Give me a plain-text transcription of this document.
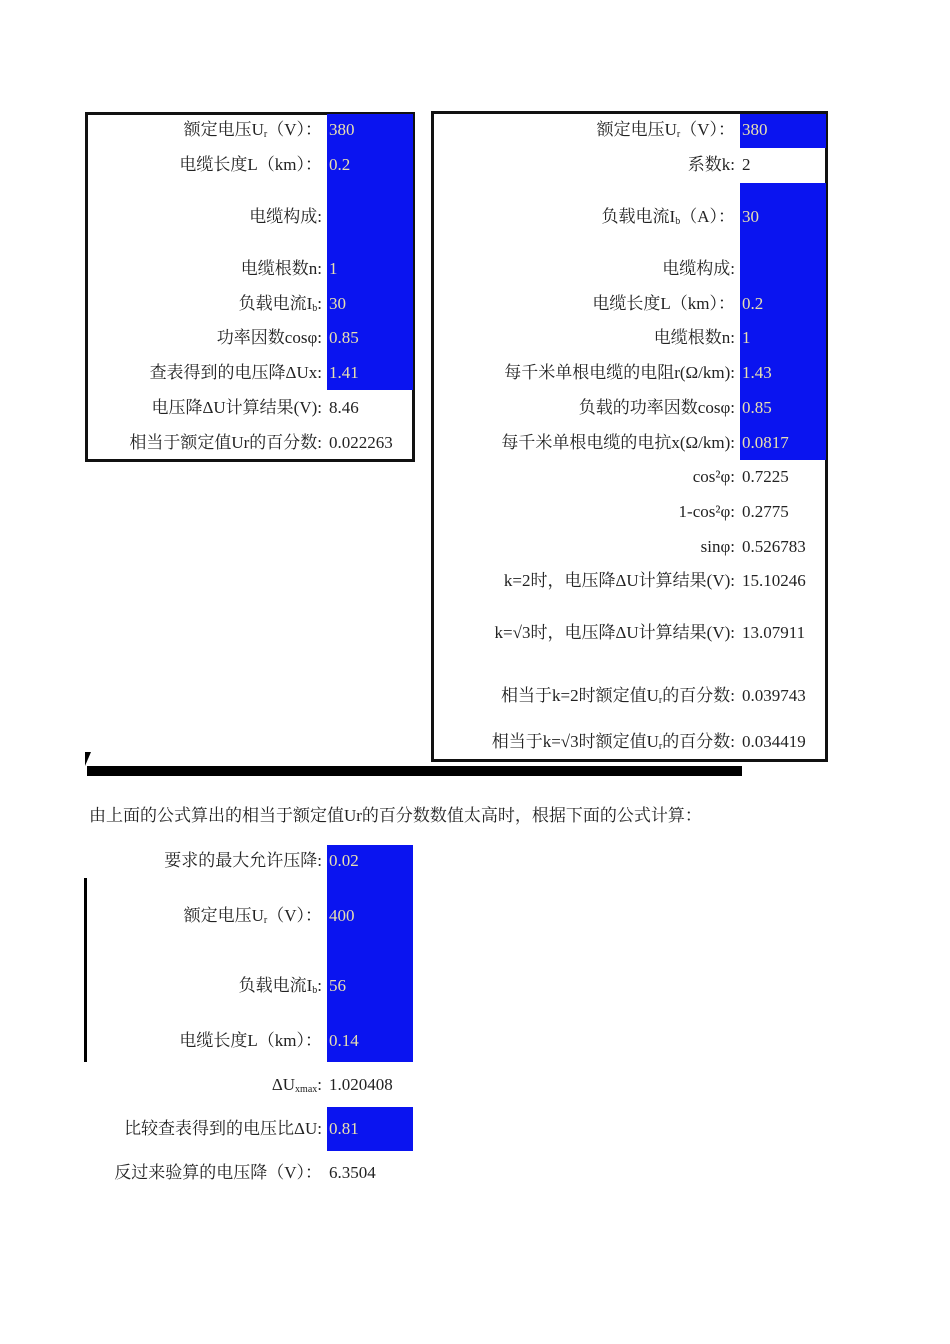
由上面的公式算出的相当于额定值Ur的百分数数值太高时，根据下面的公式计算：
额定电压$U_r(V)$： 380
电缆长度L（km）： 0.2
电缆构成:
电缆根数n: 1
负载电流$I_b$: 30
功率因数cosφ: 0.85
查表得到的电压降ΔUx: 1.41
电压降ΔU计算结果(V): 8.46
相当于额定值Ur的百分数: 0.022263
额定电压$U_r(V)$： 380
系数k: 2
负载电流$I_b(A)$： 30
电缆构成:
电缆长度L（km）： 0.2
电缆根数n: 1
每千米单根电缆的电阻r(Ω/km): 1.43
负载的功率因数cosφ: 0.85
每千米单根电缆的电抗x(Ω/km): 0.0817
cos²φ: 0.7225
1-cos²φ: 0.2775
sinφ: 0.526783
k=2时，电压降ΔU计算结果(V): 15.10246
k=√3时，电压降ΔU计算结果(V): 13.07911
相当于k=2时额定值$U_r$的百分数: 0.039743
相当于k=√3时额定值$U_r$的百分数: 0.034419
要求的最大允许压降: 0.02
额定电压$U_r(V)$： 400
负载电流$I_b$: 56
电缆长度L（km）： 0.14
$\Delta U_{xmax}$: 1.020408
比较查表得到的电压比ΔU: 0.81
反过来验算的电压降（V）： 6.3504
